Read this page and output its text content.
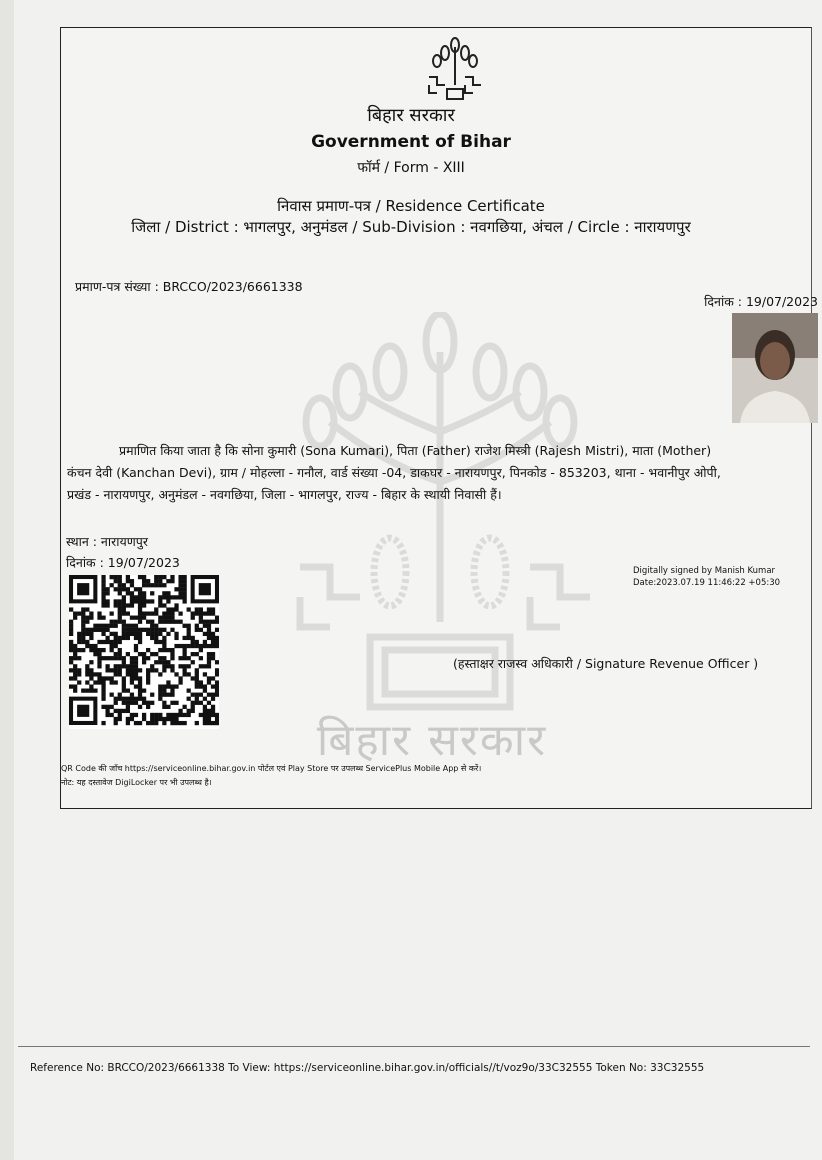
बिहार सरकार
बिहार सरकार
Government of Bihar
फॉर्म / Form - XIII
निवास प्रमाण-पत्र / Residence Certificate
जिला / District : भागलपुर, अनुमंडल / Sub-Division : नवगछिया, अंचल / Circle : नारायणपुर
प्रमाण-पत्र संख्या : BRCCO/2023/6661338
दिनांक : 19/07/2023
प्रमाणित किया जाता है कि सोना कुमारी (Sona Kumari), पिता (Father) राजेश मिस्त्री (Rajesh Mistri), माता (Mother)
कंचन देवी (Kanchan Devi), ग्राम / मोहल्ला - गनौल, वार्ड संख्या -04, डाकघर - नारायणपुर, पिनकोड - 853203, थाना - भवानीपुर ओपी,
प्रखंड - नारायणपुर, अनुमंडल - नवगछिया, जिला - भागलपुर, राज्य - बिहार के स्थायी निवासी हैं।
स्थान : नारायणपुर
दिनांक : 19/07/2023
Digitally signed by Manish Kumar
Date:2023.07.19 11:46:22 +05:30
(हस्ताक्षर राजस्व अधिकारी / Signature Revenue Officer )
QR Code की जाँच https://serviceonline.bihar.gov.in पोर्टल एवं Play Store पर उपलब्ध ServicePlus Mobile App से करें।
नोट: यह दस्तावेज DigiLocker पर भी उपलब्ध है।
Reference No: BRCCO/2023/6661338 To View: https://serviceonline.bihar.gov.in/officials//t/voz9o/33C32555 Token No: 33C32555
